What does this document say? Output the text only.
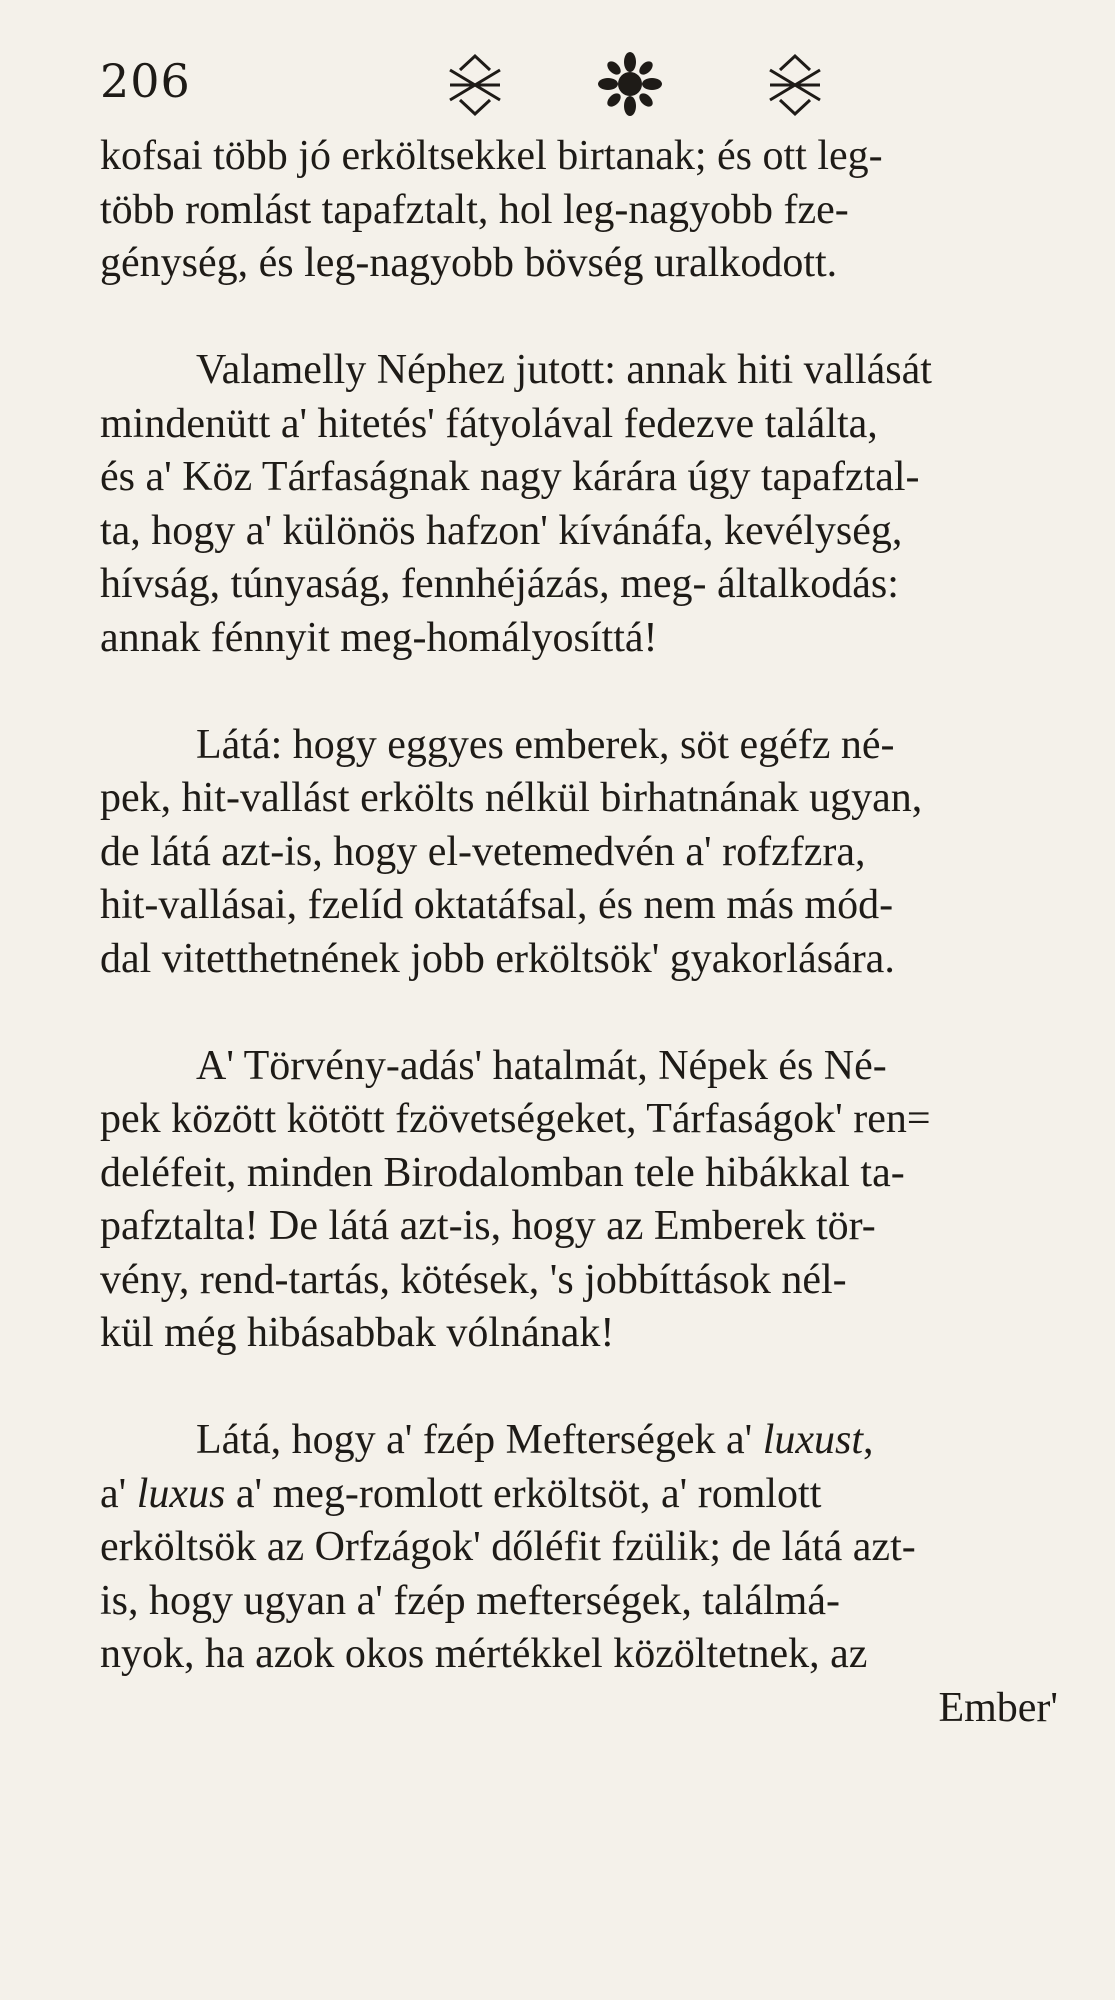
206
kofsai több jó erköltsekkel birtanak; és ott leg-
több romlást tapafztalt, hol leg-nagyobb fze-
génység, és leg-nagyobb bövség uralkodott.
Valamelly Néphez jutott: annak hiti vallását
mindenütt a' hitetés' fátyolával fedezve találta,
és a' Köz Tárfaságnak nagy kárára úgy tapafztal-
ta, hogy a' különös hafzon' kívánáfa, kevélység,
hívság, túnyaság, fennhéjázás, meg- általkodás:
annak fénnyit meg-homályosíttá!
Látá: hogy eggyes emberek, söt egéfz né-
pek, hit-vallást erkölts nélkül birhatnának ugyan,
de látá azt-is, hogy el-vetemedvén a' rofzfzra,
hit-vallásai, fzelíd oktatáfsal, és nem más mód-
dal vitetthetnének jobb erköltsök' gyakorlására.
A' Törvény-adás' hatalmát, Népek és Né-
pek között kötött fzövetségeket, Tárfaságok' ren=
deléfeit, minden Birodalomban tele hibákkal ta-
pafztalta! De látá azt-is, hogy az Emberek tör-
vény, rend-tartás, kötések, 's jobbíttások nél-
kül még hibásabbak vólnának!
Látá, hogy a' fzép Mefterségek a' luxust,
a' luxus a' meg-romlott erköltsöt, a' romlott
erköltsök az Orfzágok' dőléfit fzülik; de látá azt-
is, hogy ugyan a' fzép mefterségek, találmá-
nyok, ha azok okos mértékkel közöltetnek, az
Ember'
